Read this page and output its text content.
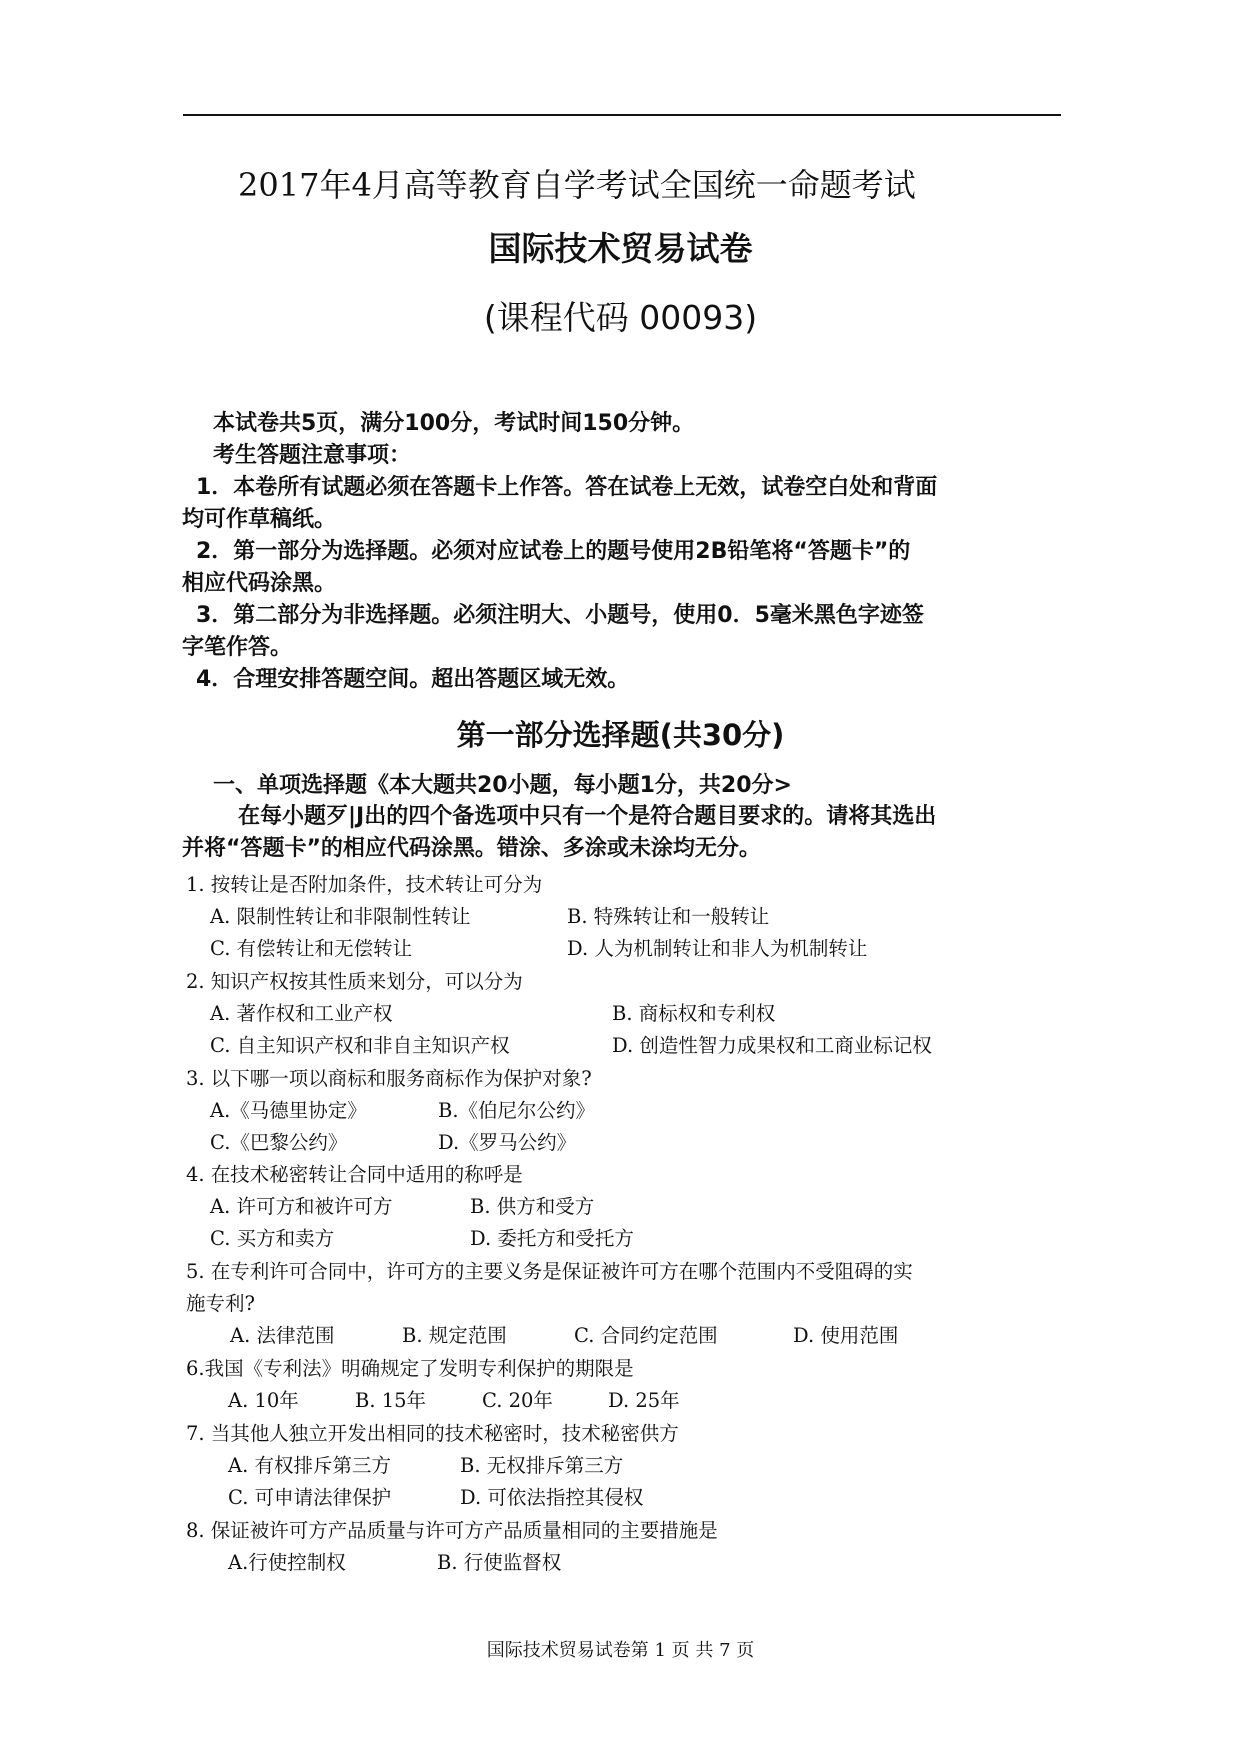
2017年4月高等教育自学考试全国统一命题考试
国际技术贸易试卷
(课程代码 00093)

本试卷共5页，满分100分，考试时间150分钟。

考生答题注意事项：

1．本卷所有试题必须在答题卡上作答。答在试卷上无效，试卷空白处和背面

均可作草稿纸。

2．第一部分为选择题。必须对应试卷上的题号使用2B铅笔将“答题卡”的

相应代码涂黑。

3．第二部分为非选择题。必须注明大、小题号，使用0．5毫米黑色字迹签

字笔作答。

4．合理安排答题空间。超出答题区域无效。

第一部分选择题(共30分)
一、单项选择题《本大题共20小题，每小题1分，共20分>

在每小题歹|J出的四个备选项中只有一个是符合题目要求的。请将其选出

并将“答题卡”的相应代码涂黑。错涂、多涂或未涂均无分。

1. 按转让是否附加条件，技术转让可分为
A. 限制性转让和非限制性转让	B. 特殊转让和一般转让
C. 有偿转让和无偿转让	D. 人为机制转让和非人为机制转让
2. 知识产权按其性质来划分，可以分为
A. 著作权和工业产权	B. 商标权和专利权
C. 自主知识产权和非自主知识产权	D. 创造性智力成果权和工商业标记权
3. 以下哪一项以商标和服务商标作为保护对象?
A.《马德里协定》	B.《伯尼尔公约》
C.《巴黎公约》	D.《罗马公约》
4. 在技术秘密转让合同中适用的称呼是
A. 许可方和被许可方	B. 供方和受方
C. 买方和卖方	D. 委托方和受托方
5. 在专利许可合同中，许可方的主要义务是保证被许可方在哪个范围内不受阻碍的实
施专利?
A. 法律范围	B. 规定范围	C. 合同约定范围	D. 使用范围
6.我国《专利法》明确规定了发明专利保护的期限是
A. 10年	B. 15年	C. 20年	D. 25年
7. 当其他人独立开发出相同的技术秘密时，技术秘密供方
A. 有权排斥第三方	B. 无权排斥第三方
C. 可申请法律保护	D. 可依法指控其侵权
8. 保证被许可方产品质量与许可方产品质量相同的主要措施是
A.行使控制权	B. 行使监督权
国际技术贸易试卷第 1 页 共 7 页
